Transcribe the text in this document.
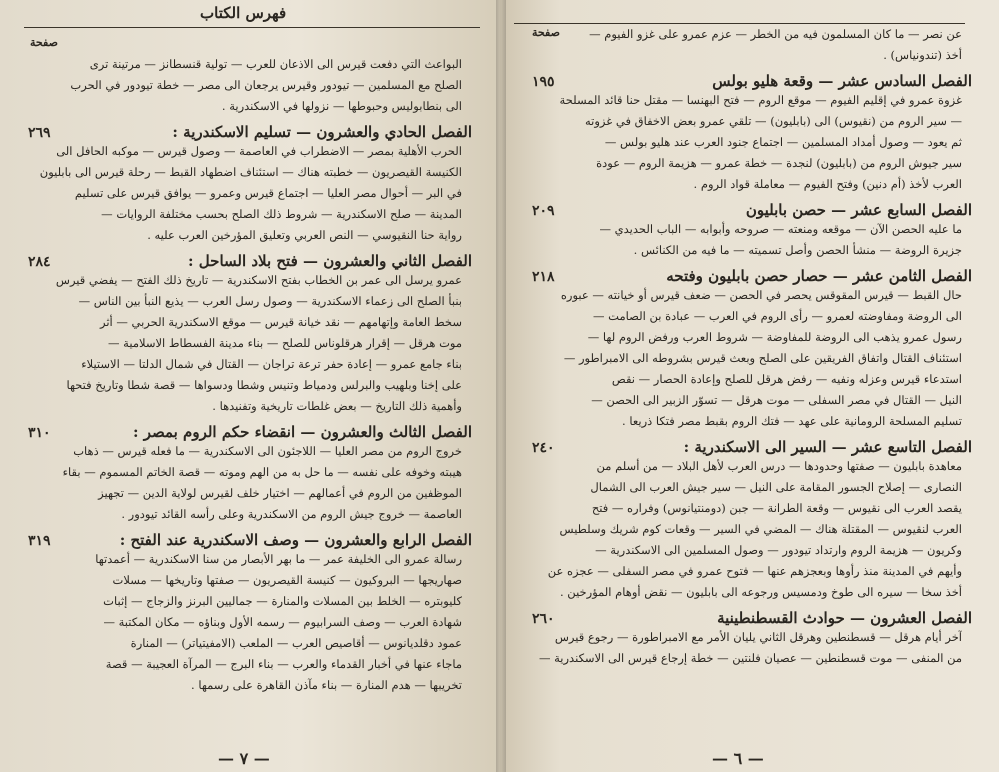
فهرس الكتاب
صفحة
البواعث التي دفعت قيرس الى الاذعان للعرب — تولية قنسطانز — مرتينة ترى
الصلح مع المسلمين — تيودور وقيرس يرجعان الى مصر — خطة تيودور في الحرب
الى بنطابوليس وحبوطها — نزولها في الاسكندرية .
الفصل الحادي والعشرون — تسليم الاسكندرية :
٢٦٩
الحرب الأهلية بمصر — الاضطراب في العاصمة — وصول قيرس — موكبه الحافل الى
الكنيسة القيصريون — خطبته هناك — استئناف اضطهاد القبط — رحلة قيرس الى بابليون
في البر — أحوال مصر العليا — اجتماع قيرس وعمرو — يوافق قيرس على تسليم
المدينة — صلح الاسكندرية — شروط ذلك الصلح بحسب مختلفة الروايات —
رواية حنا النقيوسي — النص العربي وتعليق المؤرخين العرب عليه .
الفصل الثاني والعشرون — فتح بلاد الساحل :
٢٨٤
عمرو يرسل الى عمر بن الخطاب بفتح الاسكندرية — تاريخ ذلك الفتح — يفضي قيرس
بنبأ الصلح الى زعماء الاسكندرية — وصول رسل العرب — يذيع النبأ بين الناس —
سخط العامة وإتهامهم — نقد خيانة قيرس — موقع الاسكندرية الحربي — أثر
موت هرقل — إقرار هرقلوناس للصلح — بناء مدينة الفسطاط الاسلامية —
بناء جامع عمرو — إعادة حفر ترعة تراجان — القتال في شمال الدلتا — الاستيلاء
على إخنا وبلهيب والبرلس ودمياط وتنيس وشطا ودسواها — قصة شطا وتاريخ فتحها
وأهمية ذلك التاريخ — بعض غلطات تاريخية وتفنيدها .
الفصل الثالث والعشرون — انقضاء حكم الروم بمصر :
٣١٠
خروج الروم من مصر العليا — اللاجئون الى الاسكندرية — ما فعله قيرس — ذهاب
هيبته وخوفه على نفسه — ما حل به من الهم وموته — قصة الخاتم المسموم — بقاء
الموظفين من الروم في أعمالهم — اختيار خلف لقيرس لولاية الدين — تجهيز
العاصمة — خروج جيش الروم من الاسكندرية وعلى رأسه القائد تيودور .
الفصل الرابع والعشرون — وصف الاسكندرية عند الفتح :
٣١٩
رسالة عمرو الى الخليفة عمر — ما بهر الأبصار من سنا الاسكندرية — أعمدتها
صهاريجها — البروكيون — كنيسة القيصريون — صفتها وتاريخها — مسلات
كليوبتره — الخلط بين المسلات والمنارة — جماليين البرنز والزجاج — إثبات
شهادة العرب — وصف السرابيوم — رسمه الأول وبناؤه — مكان المكتبة —
عمود دقلديانوس — أقاصيص العرب — الملعب (الامفيتياتر) — المنارة
ماجاء عنها في أخبار القدماء والعرب — بناء البرج — المرآة العجيبة — قصة
تخريبها — هدم المنارة — بناء مآذن القاهرة على رسمها .
— ٧ —
صفحة	عن نصر — ما كان المسلمون فيه من الخطر — عزم عمرو على غزو الفيوم —
أخذ (تندونياس) .
الفصل السادس عشر — وقعة هليو بولس
١٩٥
غزوة عمرو في إقليم الفيوم — موقع الروم — فتح البهنسا — مقتل حنا قائد المسلحة
— سير الروم من (نقيوس) الى (بابليون) — تلقي عمرو بعض الاخفاق في غزوته
ثم يعود — وصول أمداد المسلمين — اجتماع جنود العرب عند هليو بولس —
سير جيوش الروم من (بابليون) لنجدة — خطة عمرو — هزيمة الروم — عودة
العرب لأخذ (أم دنين) وفتح الفيوم — معاملة قواد الروم .
الفصل السابع عشر — حصن بابليون
٢٠٩
ما عليه الحصن الآن — موقعه ومنعته — صروحه وأبوابه — الباب الحديدي —
جزيرة الروضة — منشأ الحصن وأصل تسميته — ما فيه من الكنائس .
الفصل الثامن عشر — حصار حصن بابليون وفتحه
٢١٨
حال القبط — قيرس المقوقس يحصر في الحصن — ضعف قيرس أو خيانته — عبوره
الى الروضة ومفاوضته لعمرو — رأى الروم في العرب — عبادة بن الصامت —
رسول عمرو يذهب الى الروضة للمفاوضة — شروط العرب ورفض الروم لها —
استئناف القتال واتفاق الفريقين على الصلح وبعث قيرس بشروطه الى الامبراطور —
استدعاء قيرس وعزله ونفيه — رفض هرقل للصلح وإعادة الحصار — نقص
النيل — القتال في مصر السفلى — موت هرقل — تسوّر الزبير الى الحصن —
تسليم المسلحة الرومانية على عهد — فتك الروم بقبط مصر فتكا ذريعا .
الفصل التاسع عشر — السير الى الاسكندرية :
٢٤٠
معاهدة بابليون — صفتها وحدودها — درس العرب لأهل البلاد — من أسلم من
النصارى — إصلاح الجسور المقامة على النيل — سير جيش العرب الى الشمال
يقصد العرب الى نقيوس — وقعة الطرانة — جبن (دومنتيانوس) وفراره — فتح
العرب لنقيوس — المقتلة هناك — المضي في السير — وقعات كوم شريك وسلطيس
وكريون — هزيمة الروم وارتداد تيودور — وصول المسلمين الى الاسكندرية —
وأيهم في المدينة منذ رأوها وبعجزهم عنها — فتوح عمرو في مصر السفلى — عجزه عن
أخذ سخا — سيره الى طوخ ودمسيس ورجوعه الى بابليون — نقض أوهام المؤرخين .
الفصل العشرون — حوادث القسطنطينية
٢٦٠
آخر أيام هرقل — قسطنطين وهرقل الثاني يليان الأمر مع الامبراطورة — رجوع قيرس
من المنفى — موت قسطنطين — عصيان فلنتين — خطة إرجاع قيرس الى الاسكندرية —
— ٦ —
